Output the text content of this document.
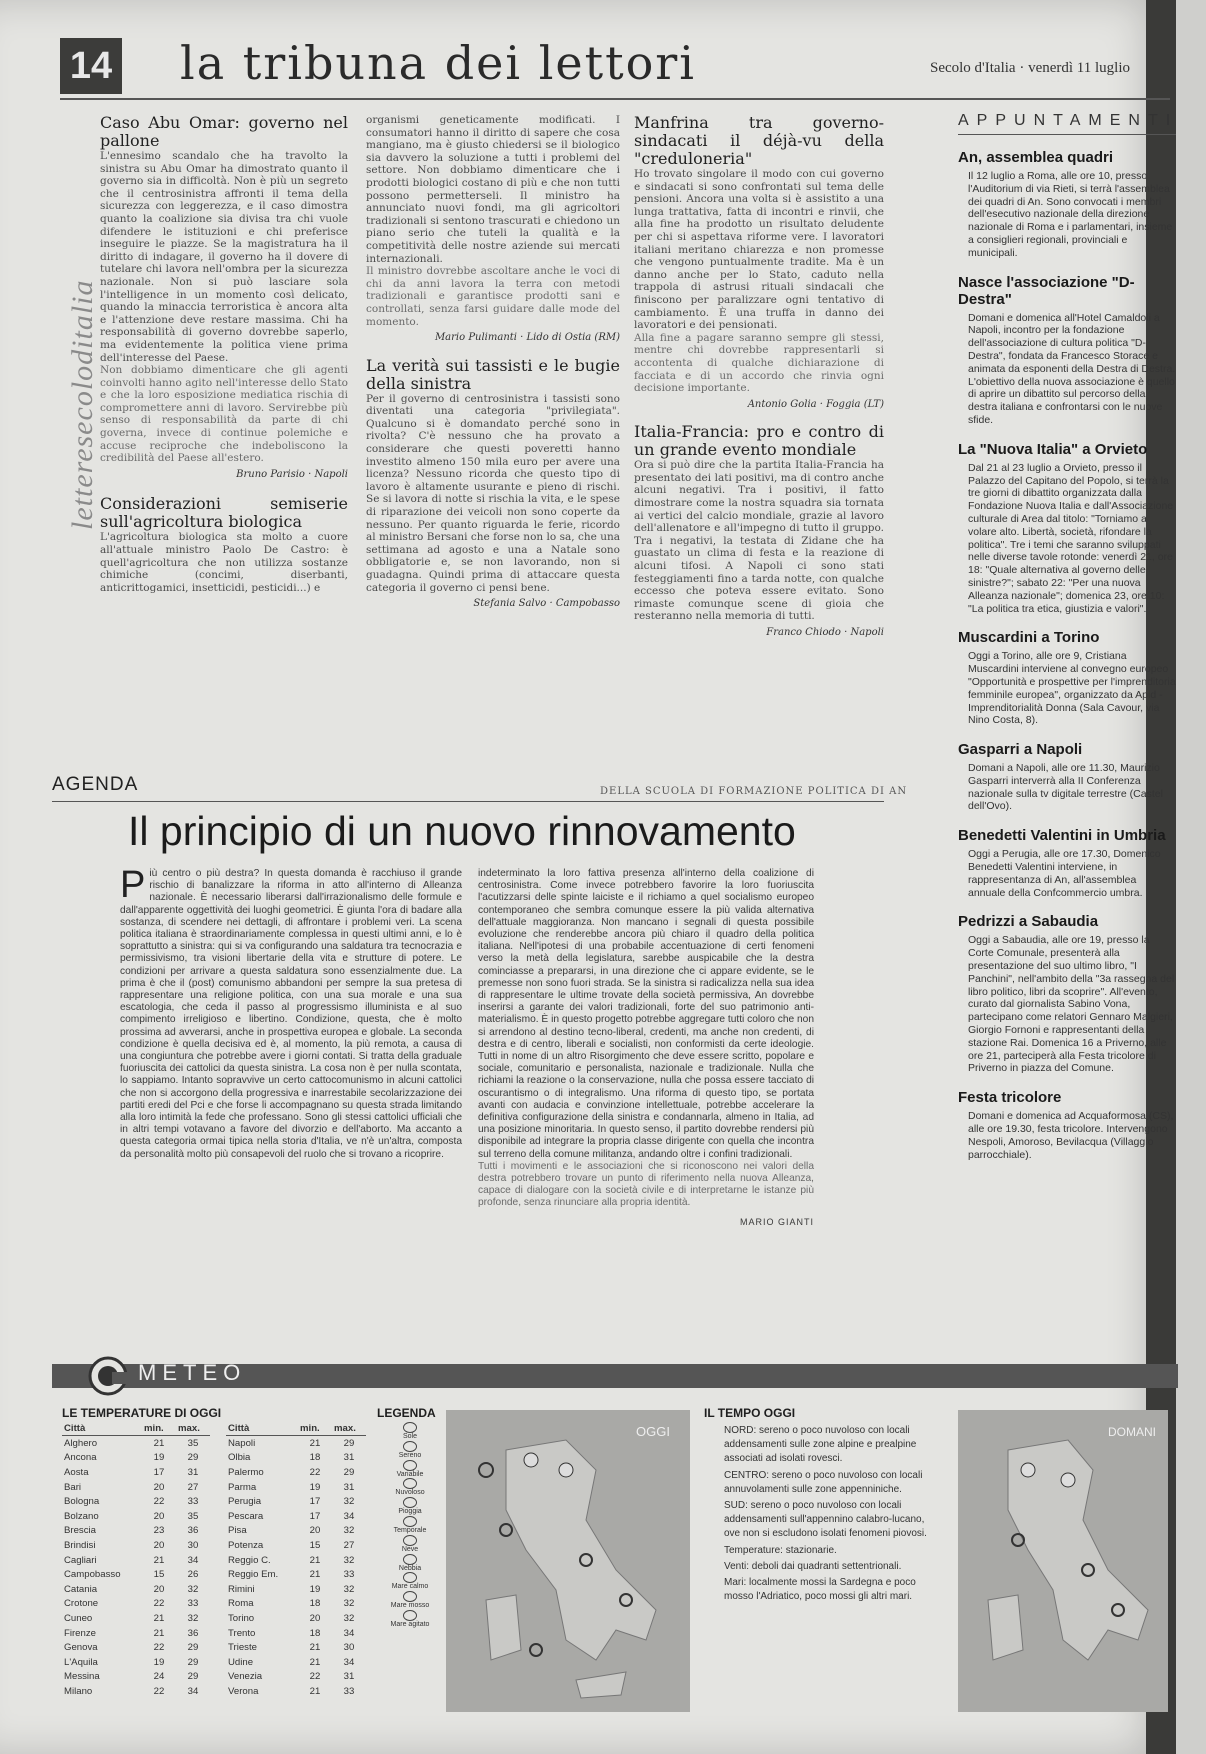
14 la tribuna dei lettori	Secolo d'Italia · venerdì 11 luglio
letteresecoloditalia

Caso Abu Omar: governo nel pallone

L'ennesimo scandalo che ha travolto la sinistra su Abu Omar ha dimostrato quanto il governo sia in difficoltà. Non è più un segreto che il centrosinistra affronti il tema della sicurezza con leggerezza, e il caso dimostra quanto la coalizione sia divisa tra chi vuole difendere le istituzioni e chi preferisce inseguire le piazze. Se la magistratura ha il diritto di indagare, il governo ha il dovere di tutelare chi lavora nell'ombra per la sicurezza nazionale. Non si può lasciare sola l'intelligence in un momento così delicato, quando la minaccia terroristica è ancora alta e l'attenzione deve restare massima. Chi ha responsabilità di governo dovrebbe saperlo, ma evidentemente la politica viene prima dell'interesse del Paese.

Non dobbiamo dimenticare che gli agenti coinvolti hanno agito nell'interesse dello Stato e che la loro esposizione mediatica rischia di compromettere anni di lavoro. Servirebbe più senso di responsabilità da parte di chi governa, invece di continue polemiche e accuse reciproche che indeboliscono la credibilità del Paese all'estero.

Bruno Parisio · Napoli

Considerazioni semiserie sull'agricoltura biologica

L'agricoltura biologica sta molto a cuore all'attuale ministro Paolo De Castro: è quell'agricoltura che non utilizza sostanze chimiche (concimi, diserbanti, anticrittogamici, insetticidi, pesticidi...) e

organismi geneticamente modificati. I consumatori hanno il diritto di sapere che cosa mangiano, ma è giusto chiedersi se il biologico sia davvero la soluzione a tutti i problemi del settore. Non dobbiamo dimenticare che i prodotti biologici costano di più e che non tutti possono permetterseli. Il ministro ha annunciato nuovi fondi, ma gli agricoltori tradizionali si sentono trascurati e chiedono un piano serio che tuteli la qualità e la competitività delle nostre aziende sui mercati internazionali.

Il ministro dovrebbe ascoltare anche le voci di chi da anni lavora la terra con metodi tradizionali e garantisce prodotti sani e controllati, senza farsi guidare dalle mode del momento.

Mario Pulimanti · Lido di Ostia (RM)

La verità sui tassisti e le bugie della sinistra

Per il governo di centrosinistra i tassisti sono diventati una categoria "privilegiata". Qualcuno si è domandato perché sono in rivolta? C'è nessuno che ha provato a considerare che questi poveretti hanno investito almeno 150 mila euro per avere una licenza? Nessuno ricorda che questo tipo di lavoro è altamente usurante e pieno di rischi. Se si lavora di notte si rischia la vita, e le spese di riparazione dei veicoli non sono coperte da nessuno. Per quanto riguarda le ferie, ricordo al ministro Bersani che forse non lo sa, che una settimana ad agosto e una a Natale sono obbligatorie e, se non lavorando, non si guadagna. Quindi prima di attaccare questa categoria il governo ci pensi bene.

Stefania Salvo · Campobasso

Manfrina tra governo-sindacati il déjà-vu della "creduloneria"

Ho trovato singolare il modo con cui governo e sindacati si sono confrontati sul tema delle pensioni. Ancora una volta si è assistito a una lunga trattativa, fatta di incontri e rinvii, che alla fine ha prodotto un risultato deludente per chi si aspettava riforme vere. I lavoratori italiani meritano chiarezza e non promesse che vengono puntualmente tradite. Ma è un danno anche per lo Stato, caduto nella trappola di astrusi rituali sindacali che finiscono per paralizzare ogni tentativo di cambiamento. È una truffa in danno dei lavoratori e dei pensionati.

Alla fine a pagare saranno sempre gli stessi, mentre chi dovrebbe rappresentarli si accontenta di qualche dichiarazione di facciata e di un accordo che rinvia ogni decisione importante.

Antonio Golia · Foggia (LT)

Italia-Francia: pro e contro di un grande evento mondiale

Ora si può dire che la partita Italia-Francia ha presentato dei lati positivi, ma di contro anche alcuni negativi. Tra i positivi, il fatto dimostrare come la nostra squadra sia tornata ai vertici del calcio mondiale, grazie al lavoro dell'allenatore e all'impegno di tutto il gruppo. Tra i negativi, la testata di Zidane che ha guastato un clima di festa e la reazione di alcuni tifosi. A Napoli ci sono stati festeggiamenti fino a tarda notte, con qualche eccesso che poteva essere evitato. Sono rimaste comunque scene di gioia che resteranno nella memoria di tutti.

Franco Chiodo · Napoli

APPUNTAMENTI

An, assemblea quadri

Il 12 luglio a Roma, alle ore 10, presso l'Auditorium di via Rieti, si terrà l'assemblea dei quadri di An. Sono convocati i membri dell'esecutivo nazionale della direzione nazionale di Roma e i parlamentari, insieme a consiglieri regionali, provinciali e municipali.

Nasce l'associazione "D-Destra"

Domani e domenica all'Hotel Camaldoli a Napoli, incontro per la fondazione dell'associazione di cultura politica "D-Destra", fondata da Francesco Storace e animata da esponenti della Destra di Destra. L'obiettivo della nuova associazione è quello di aprire un dibattito sul percorso della destra italiana e confrontarsi con le nuove sfide.

La "Nuova Italia" a Orvieto

Dal 21 al 23 luglio a Orvieto, presso il Palazzo del Capitano del Popolo, si terrà la tre giorni di dibattito organizzata dalla Fondazione Nuova Italia e dall'Associazione culturale di Area dal titolo: "Torniamo a volare alto. Libertà, società, rifondare la politica". Tre i temi che saranno sviluppati nelle diverse tavole rotonde: venerdì 21, ore 18: "Quale alternativa al governo delle sinistre?"; sabato 22: "Per una nuova Alleanza nazionale"; domenica 23, ore 10: "La politica tra etica, giustizia e valori".

Muscardini a Torino

Oggi a Torino, alle ore 9, Cristiana Muscardini interviene al convegno europeo "Opportunità e prospettive per l'imprenditoria femminile europea", organizzato da Apid - Imprenditorialità Donna (Sala Cavour, via Nino Costa, 8).

Gasparri a Napoli

Domani a Napoli, alle ore 11.30, Maurizio Gasparri interverrà alla II Conferenza nazionale sulla tv digitale terrestre (Castel dell'Ovo).

Benedetti Valentini in Umbria

Oggi a Perugia, alle ore 17.30, Domenico Benedetti Valentini interviene, in rappresentanza di An, all'assemblea annuale della Confcommercio umbra.

Pedrizzi a Sabaudia

Oggi a Sabaudia, alle ore 19, presso la Corte Comunale, presenterà alla presentazione del suo ultimo libro, "I Panchini", nell'ambito della "3a rassegna del libro politico, libri da scoprire". All'evento, curato dal giornalista Sabino Vona, partecipano come relatori Gennaro Malgieri, Giorgio Fornoni e rappresentanti della stazione Rai. Domenica 16 a Priverno, alle ore 21, parteciperà alla Festa tricolore di Priverno in piazza del Comune.

Festa tricolore

Domani e domenica ad Acquaformosa (CS), alle ore 19.30, festa tricolore. Intervengono Nespoli, Amoroso, Bevilacqua (Villaggio parrocchiale).

AGENDA	DELLA SCUOLA DI FORMAZIONE POLITICA DI AN
Il principio di un nuovo rinnovamento
P iù centro o più destra? In questa domanda è racchiuso il grande rischio di banalizzare la riforma in atto all'interno di Alleanza nazionale. È necessario liberarsi dall'irrazionalismo delle formule e dall'apparente oggettività dei luoghi geometrici. È giunta l'ora di badare alla sostanza, di scendere nei dettagli, di affrontare i problemi veri. La scena politica italiana è straordinariamente complessa in questi ultimi anni, e lo è soprattutto a sinistra: qui si va configurando una saldatura tra tecnocrazia e permissivismo, tra visioni libertarie della vita e strutture di potere. Le condizioni per arrivare a questa saldatura sono essenzialmente due. La prima è che il (post) comunismo abbandoni per sempre la sua pretesa di rappresentare una religione politica, con una sua morale e una sua escatologia, che ceda il passo al progressismo illuminista e al suo compimento irreligioso e libertino. Condizione, questa, che è molto prossima ad avverarsi, anche in prospettiva europea e globale. La seconda condizione è quella decisiva ed è, al momento, la più remota, a causa di una congiuntura che potrebbe avere i giorni contati. Si tratta della graduale fuoriuscita dei cattolici da questa sinistra. La cosa non è per nulla scontata, lo sappiamo. Intanto sopravvive un certo cattocomunismo in alcuni cattolici che non si accorgono della progressiva e inarrestabile secolarizzazione dei partiti eredi del Pci e che forse li accompagnano su questa strada limitando alla loro intimità la fede che professano. Sono gli stessi cattolici ufficiali che in altri tempi votavano a favore del divorzio e dell'aborto. Ma accanto a questa categoria ormai tipica nella storia d'Italia, ve n'è un'altra, composta da personalità molto più consapevoli del ruolo che si trovano a ricoprire.

indeterminato la loro fattiva presenza all'interno della coalizione di centrosinistra. Come invece potrebbero favorire la loro fuoriuscita l'acutizzarsi delle spinte laiciste e il richiamo a quel socialismo europeo contemporaneo che sembra comunque essere la più valida alternativa dell'attuale maggioranza. Non mancano i segnali di questa possibile evoluzione che renderebbe ancora più chiaro il quadro della politica italiana. Nell'ipotesi di una probabile accentuazione di certi fenomeni verso la metà della legislatura, sarebbe auspicabile che la destra cominciasse a prepararsi, in una direzione che ci appare evidente, se le premesse non sono fuori strada. Se la sinistra si radicalizza nella sua idea di rappresentare le ultime trovate della società permissiva, An dovrebbe inserirsi a garante dei valori tradizionali, forte del suo patrimonio anti-materialismo. È in questo progetto potrebbe aggregare tutti coloro che non si arrendono al destino tecno-liberal, credenti, ma anche non credenti, di destra e di centro, liberali e socialisti, non conformisti da certe ideologie. Tutti in nome di un altro Risorgimento che deve essere scritto, popolare e sociale, comunitario e personalista, nazionale e tradizionale. Nulla che richiami la reazione o la conservazione, nulla che possa essere tacciato di oscurantismo o di integralismo. Una riforma di questo tipo, se portata avanti con audacia e convinzione intellettuale, potrebbe accelerare la definitiva configurazione della sinistra e condannarla, almeno in Italia, ad una posizione minoritaria. In questo senso, il partito dovrebbe rendersi più disponibile ad integrare la propria classe dirigente con quella che incontra sul terreno della comune militanza, andando oltre i confini tradizionali.

Tutti i movimenti e le associazioni che si riconoscono nei valori della destra potrebbero trovare un punto di riferimento nella nuova Alleanza, capace di dialogare con la società civile e di interpretarne le istanze più profonde, senza rinunciare alla propria identità.

MARIO GIANTI

METEO
LE TEMPERATURE DI OGGI
Città	min.	max.
Alghero	21	35
Ancona	19	29
Aosta	17	31
Bari	20	27
Bologna	22	33
Bolzano	20	35
Brescia	23	36
Brindisi	20	30
Cagliari	21	34
Campobasso	15	26
Catania	20	32
Crotone	22	33
Cuneo	21	32
Firenze	21	36
Genova	22	29
L'Aquila	19	29
Messina	24	29
Milano	22	34
Città	min.	max.
Napoli	21	29
Olbia	18	31
Palermo	22	29
Parma	19	31
Perugia	17	32
Pescara	17	34
Pisa	20	32
Potenza	15	27
Reggio C.	21	32
Reggio Em.	21	33
Rimini	19	32
Roma	18	32
Torino	20	32
Trento	18	34
Trieste	21	30
Udine	21	34
Venezia	22	31
Verona	21	33
LEGENDA
Sole
Sereno
Variabile
Nuvoloso
Pioggia
Temporale
Neve
Nebbia
Mare calmo
Mare mosso
Mare agitato
OGGI
IL TEMPO OGGI

NORD: sereno o poco nuvoloso con locali addensamenti sulle zone alpine e prealpine associati ad isolati rovesci.

CENTRO: sereno o poco nuvoloso con locali annuvolamenti sulle zone appenniniche.

SUD: sereno o poco nuvoloso con locali addensamenti sull'appennino calabro-lucano, ove non si escludono isolati fenomeni piovosi.

Temperature: stazionarie.

Venti: deboli dai quadranti settentrionali.

Mari: localmente mossi la Sardegna e poco mosso l'Adriatico, poco mossi gli altri mari.

DOMANI
